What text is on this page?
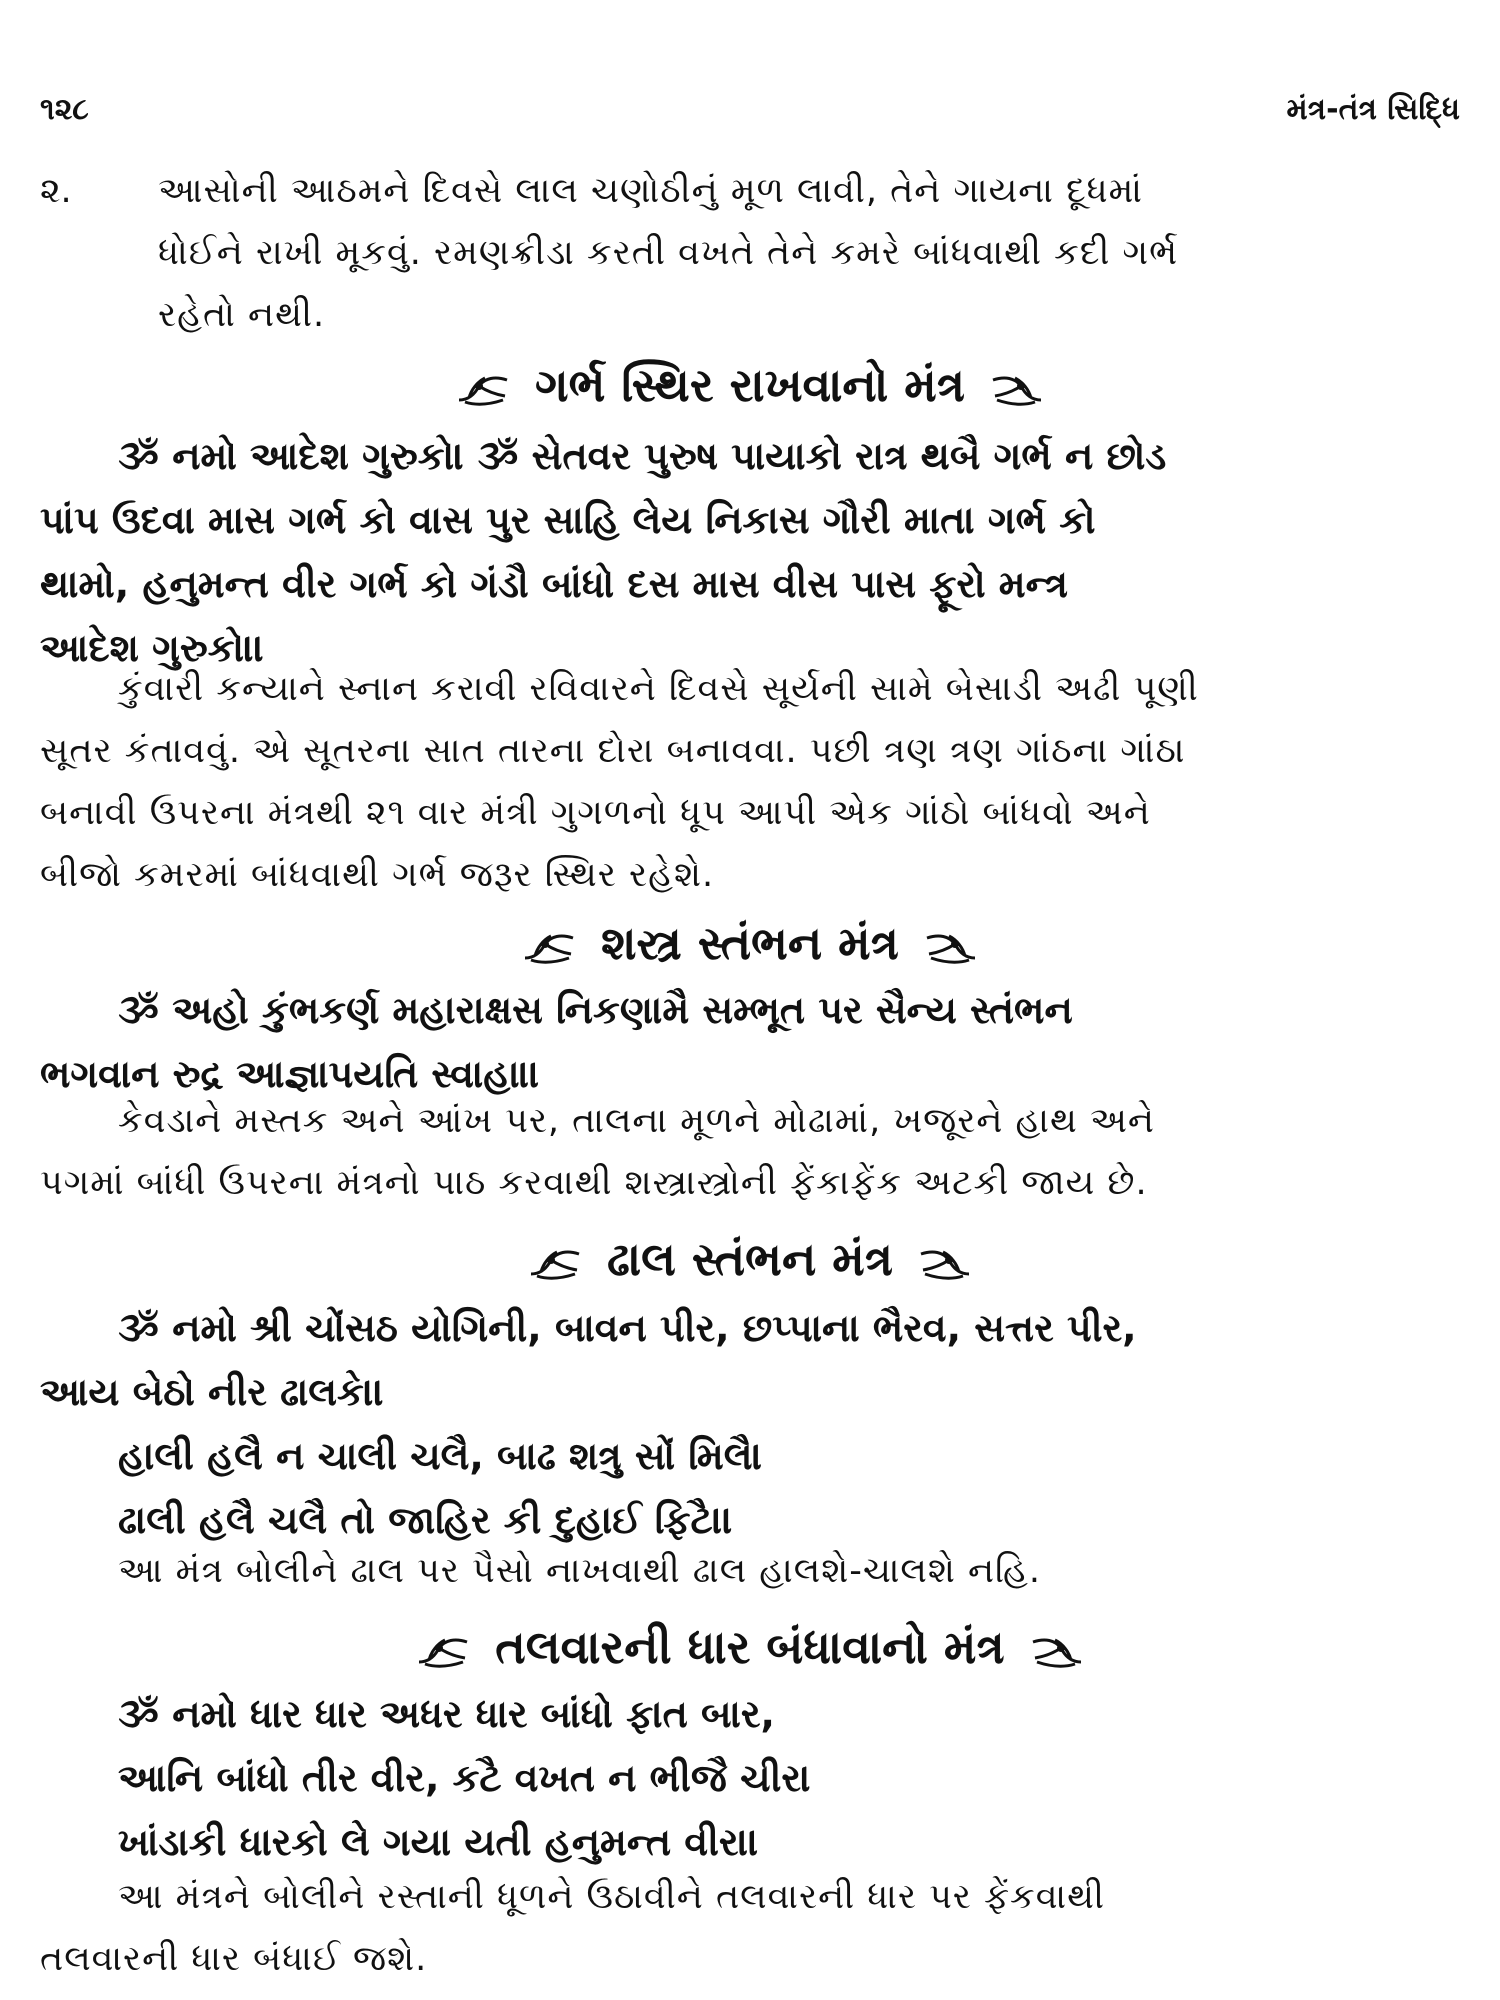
૧૨૮	મંત્ર-તંત્ર સિદ્ધિ
૨. આસોની આઠમને દિવસે લાલ ચણોઠીનું મૂળ લાવી, તેને ગાયના દૂધમાં
ધોઈને રાખી મૂકવું. રમણક્રીડા કરતી વખતે તેને કમરે બાંધવાથી કદી ગર્ભ
રહેતો નથી.
ગર્ભ સ્થિર રાખવાનો મંત્ર
ૐ નમો આદેશ ગુરુકો। ૐ સેતવર પુરુષ પાયાકો રાત્ર થબૈ ગર્ભ ન છોડ
પાંપ ઉદવા માસ ગર્ભ કો વાસ પુર સાહિ લેય નિકાસ ગૌરી માતા ગર્ભ કો
થામો, હનુમન્ત વીર ગર્ભ કો ગંડૌ બાંધો દસ માસ વીસ પાસ ફૂરો મન્ત્ર
આદેશ ગુરુકો।।
કુંવારી કન્યાને સ્નાન કરાવી રવિવારને દિવસે સૂર્યની સામે બેસાડી અઢી પૂણી
સૂતર કંતાવવું. એ સૂતરના સાત તારના દોરા બનાવવા. પછી ત્રણ ત્રણ ગાંઠના ગાંઠા
બનાવી ઉપરના મંત્રથી ૨૧ વાર મંત્રી ગુગળનો ધૂપ આપી એક ગાંઠો બાંધવો અને
બીજો કમરમાં બાંધવાથી ગર્ભ જરૂર સ્થિર રહેશે.
શસ્ત્ર સ્તંભન મંત્ર
ૐ અહો કુંભકર્ણ મહારાક્ષસ નિકણામૈ સમ્ભૂત પર સૈન્ય સ્તંભન
ભગવાન રુદ્ર આજ્ઞાપયતિ સ્વાહા।।
કેવડાને મસ્તક અને આંખ પર, તાલના મૂળને મોઢામાં, ખજૂરને હાથ અને
પગમાં બાંધી ઉપરના મંત્રનો પાઠ કરવાથી શસ્ત્રાસ્ત્રોની ફેંકાફેંક અટકી જાય છે.
ઢાલ સ્તંભન મંત્ર
ૐ નમો શ્રી ચોંસઠ યોગિની, બાવન પીર, છપ્પાના ભૈરવ, સત્તર પીર,
આય બેઠો નીર ઢાલકે।।
હાલી હલૈ ન ચાલી ચલૈ, બાઢ શત્રુ સોં મિલૈ।
ઢાલી હલૈ ચલૈ તો જાહિર કી દુહાઈ ફિટૈ।।
આ મંત્ર બોલીને ઢાલ પર પૈસો નાખવાથી ઢાલ હાલશે-ચાલશે નહિ.
તલવારની ધાર બંધાવાનો મંત્ર
ૐ નમો ધાર ધાર અધર ધાર બાંધો ફાત બાર,
આનિ બાંધો તીર વીર, કટૈ વખત ન ભીજૈ ચીર।
ખાંડાકી ધારકો લે ગયા યતી હનુમન્ત વીર।।
આ મંત્રને બોલીને રસ્તાની ધૂળને ઉઠાવીને તલવારની ધાર પર ફેંકવાથી
તલવારની ધાર બંધાઈ જશે.
